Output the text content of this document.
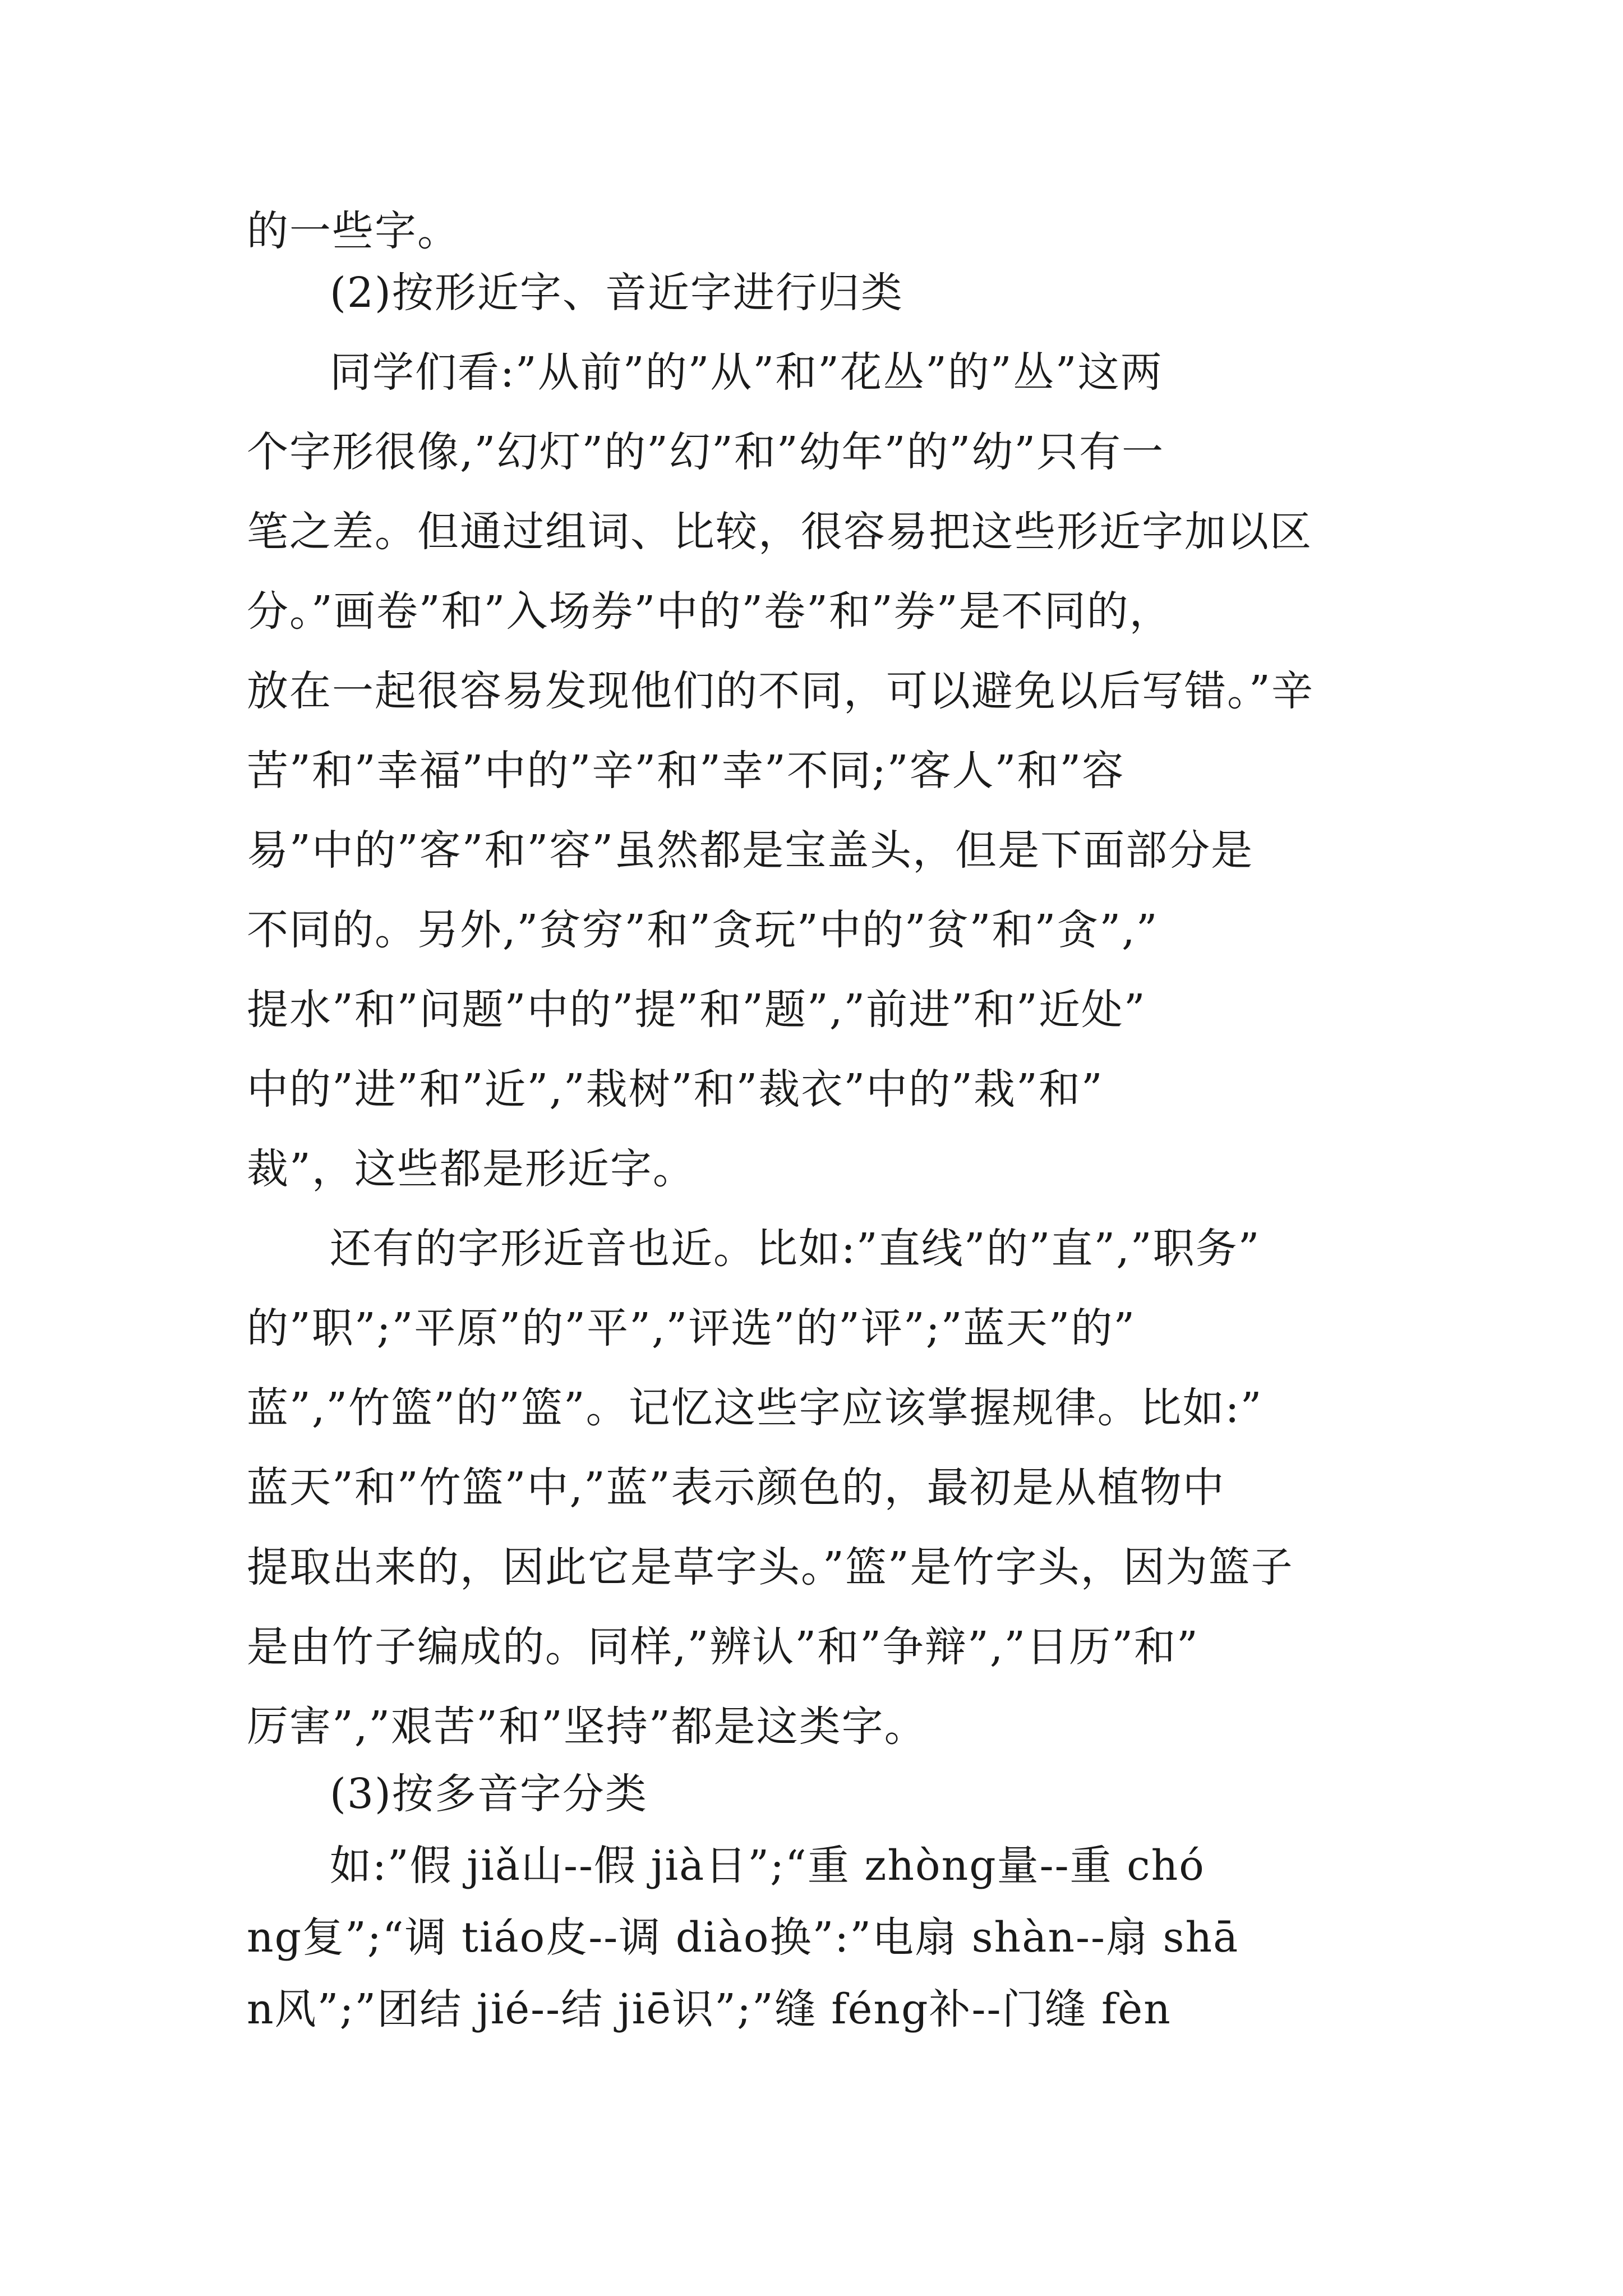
的一些字。
(2)按形近字、音近字进行归类
同学们看:”从前”的”从”和”花丛”的”丛”这两
个字形很像,”幻灯”的”幻”和”幼年”的”幼”只有一
笔之差。但通过组词、比较，很容易把这些形近字加以区
分。”画卷”和”入场券”中的”卷”和”券”是不同的，
放在一起很容易发现他们的不同，可以避免以后写错。”辛
苦”和”幸福”中的”辛”和”幸”不同;”客人”和”容
易”中的”客”和”容”虽然都是宝盖头，但是下面部分是
不同的。另外,”贫穷”和”贪玩”中的”贫”和”贪”,”
提水”和”问题”中的”提”和”题”,”前进”和”近处”
中的”进”和”近”,”栽树”和”裁衣”中的”栽”和”
裁”，这些都是形近字。
还有的字形近音也近。比如:”直线”的”直”,”职务”
的”职”;”平原”的”平”,”评选”的”评”;”蓝天”的”
蓝”,”竹篮”的”篮”。记忆这些字应该掌握规律。比如:”
蓝天”和”竹篮”中,”蓝”表示颜色的，最初是从植物中
提取出来的，因此它是草字头。”篮”是竹字头，因为篮子
是由竹子编成的。同样,”辨认”和”争辩”,”日历”和”
厉害”,”艰苦”和”坚持”都是这类字。
(3)按多音字分类
如:”假 jiǎ山--假 jià日”;“重 zhòng量--重 chó
ng复”;“调 tiáo皮--调 diào换”:”电扇 shàn--扇 shā
n风”;”团结 jié--结 jiē识”;”缝 féng补--门缝 fèn
